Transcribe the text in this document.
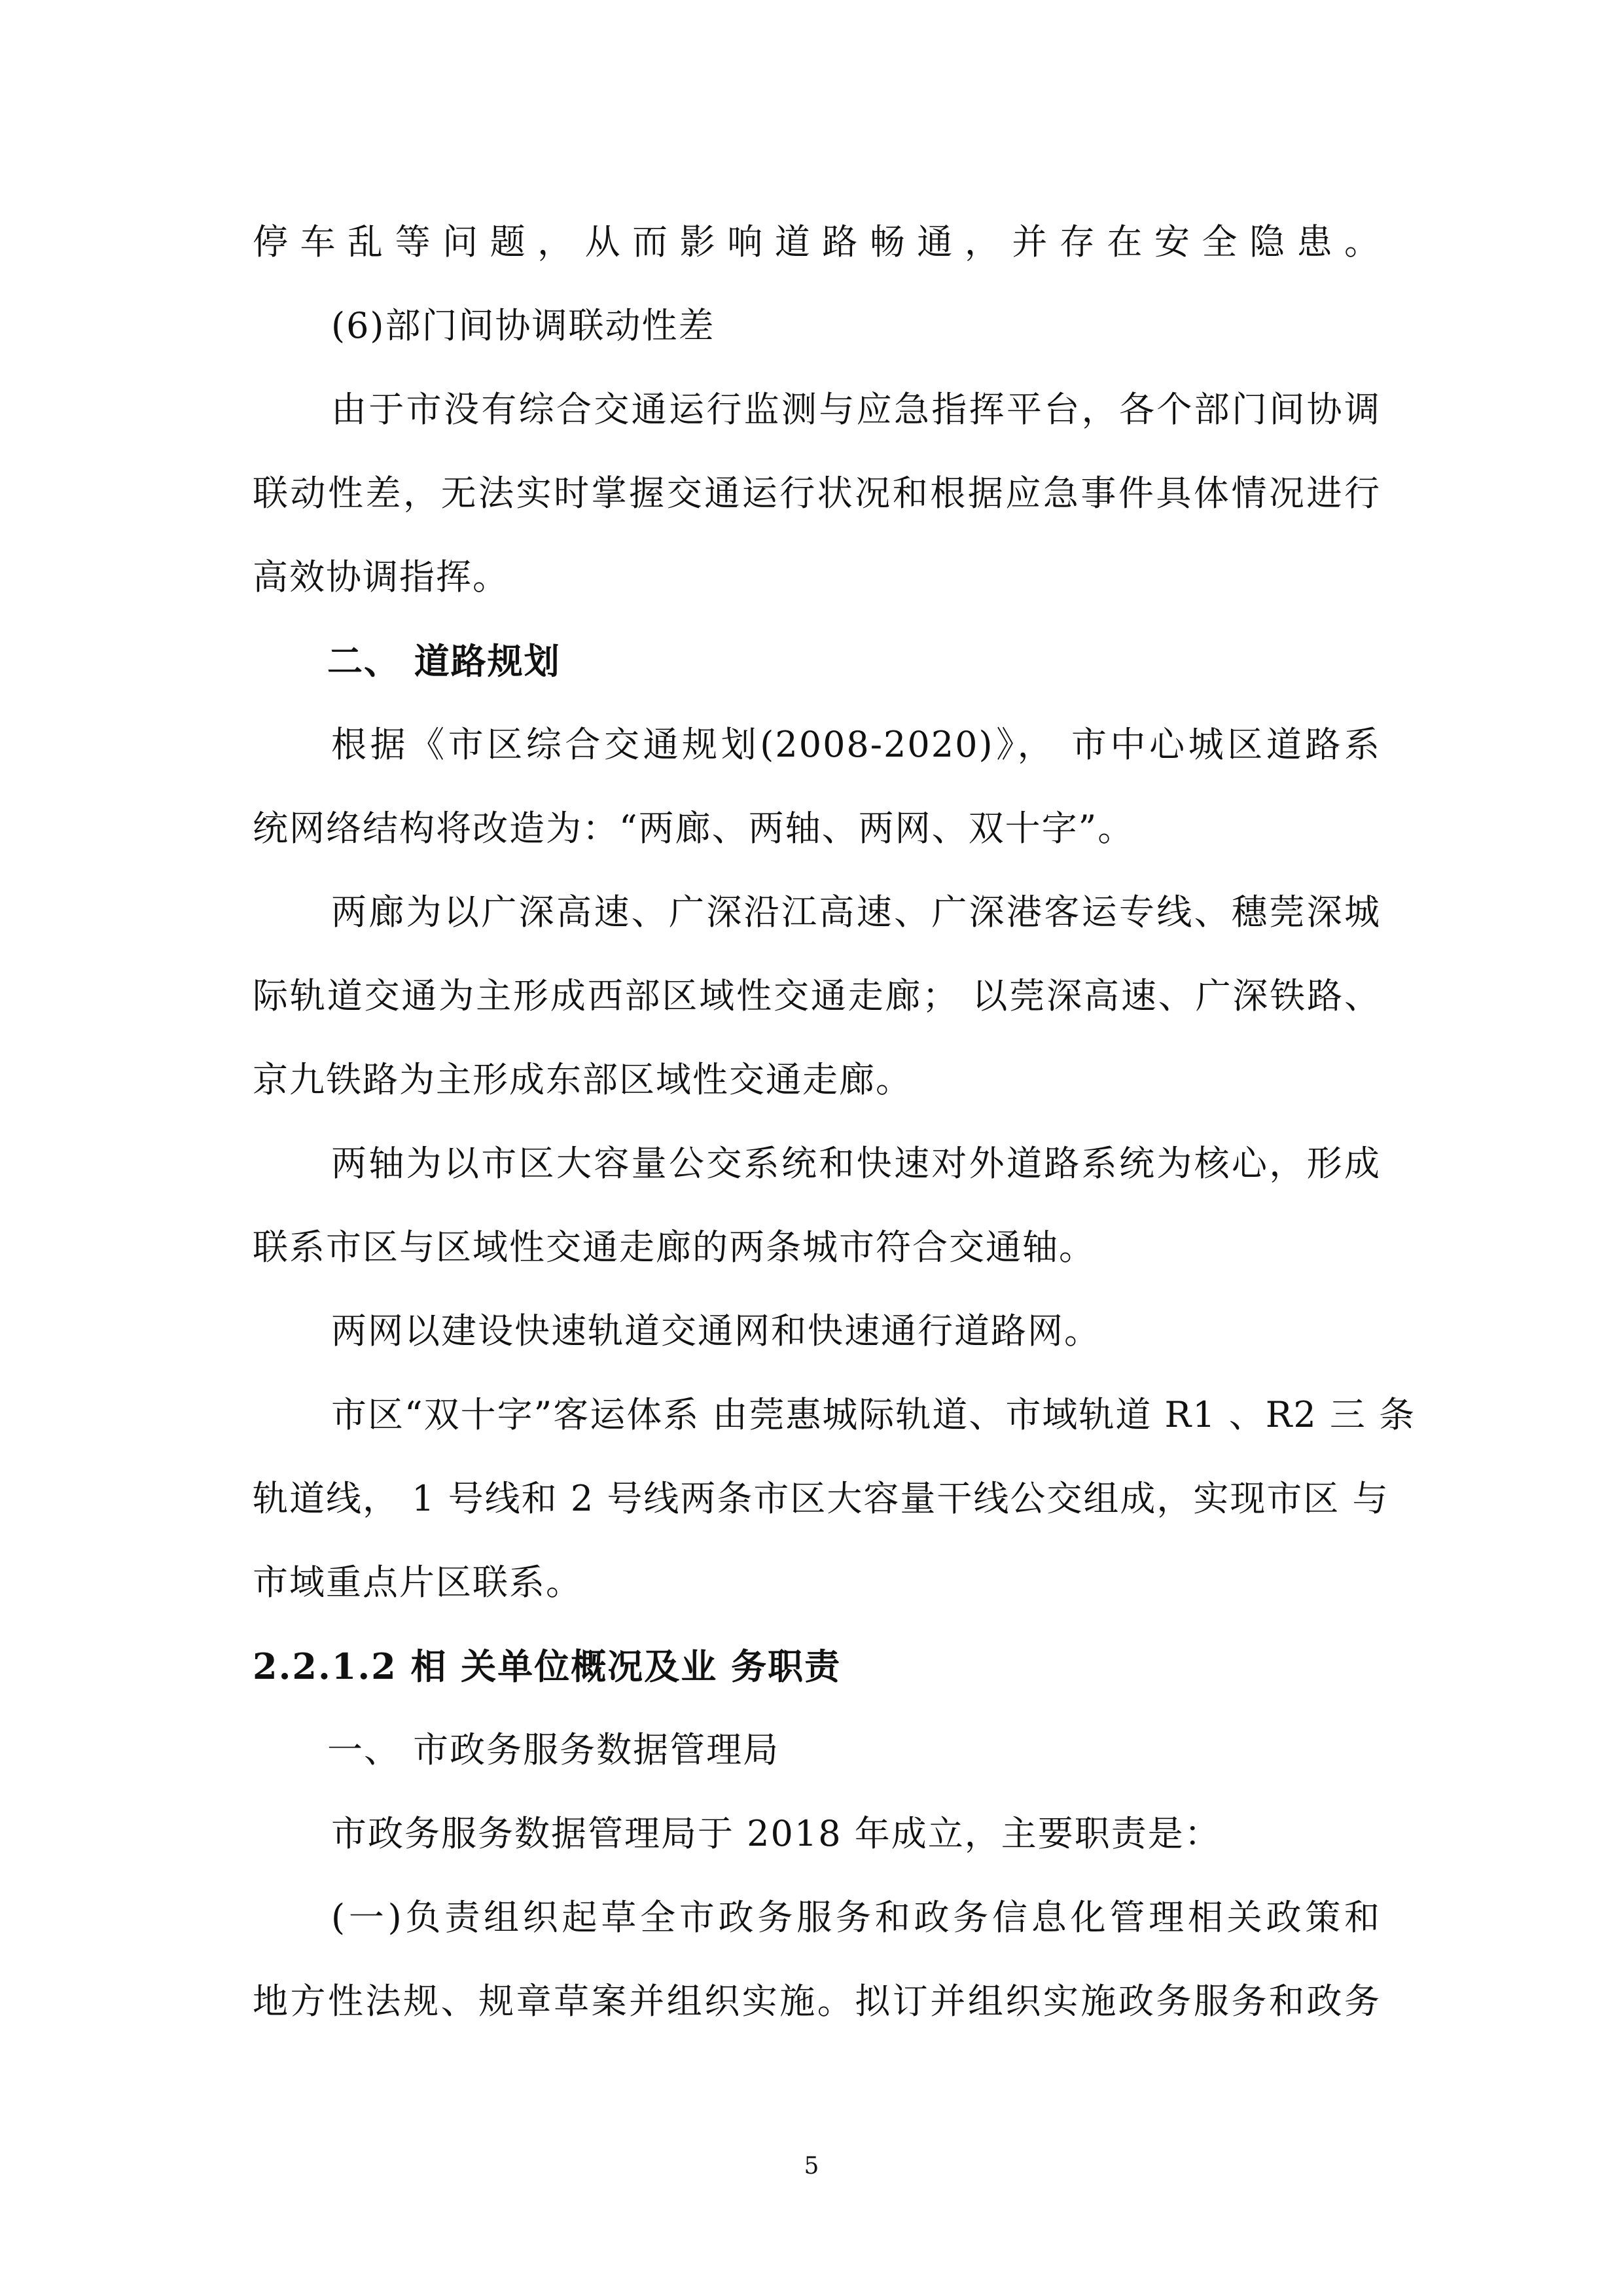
停车乱等问题，从而影响道路畅通，并存在安全隐患。
(6)部门间协调联动性差
由于市没有综合交通运行监测与应急指挥平台，各个部门间协调
联动性差，无法实时掌握交通运行状况和根据应急事件具体情况进行
高效协调指挥。
二、 道路规划
根据《市区综合交通规划(2008-2020)》， 市中心城区道路系
统网络结构将改造为：“两廊、两轴、两网、双十字”。
两廊为以广深高速、广深沿江高速、广深港客运专线、穗莞深城
际轨道交通为主形成西部区域性交通走廊； 以莞深高速、广深铁路、
京九铁路为主形成东部区域性交通走廊。
两轴为以市区大容量公交系统和快速对外道路系统为核心，形成
联系市区与区域性交通走廊的两条城市符合交通轴。
两网以建设快速轨道交通网和快速通行道路网。
市区“双十字”客运体系 由莞惠城际轨道、市域轨道 R1 、R2 三 条
轨道线， 1 号线和 2 号线两条市区大容量干线公交组成，实现市区 与
市域重点片区联系。
2.2.1.2 相 关单位概况及业 务职责
一、 市政务服务数据管理局
市政务服务数据管理局于 2018 年成立，主要职责是：
(一)负责组织起草全市政务服务和政务信息化管理相关政策和
地方性法规、规章草案并组织实施。拟订并组织实施政务服务和政务
5
